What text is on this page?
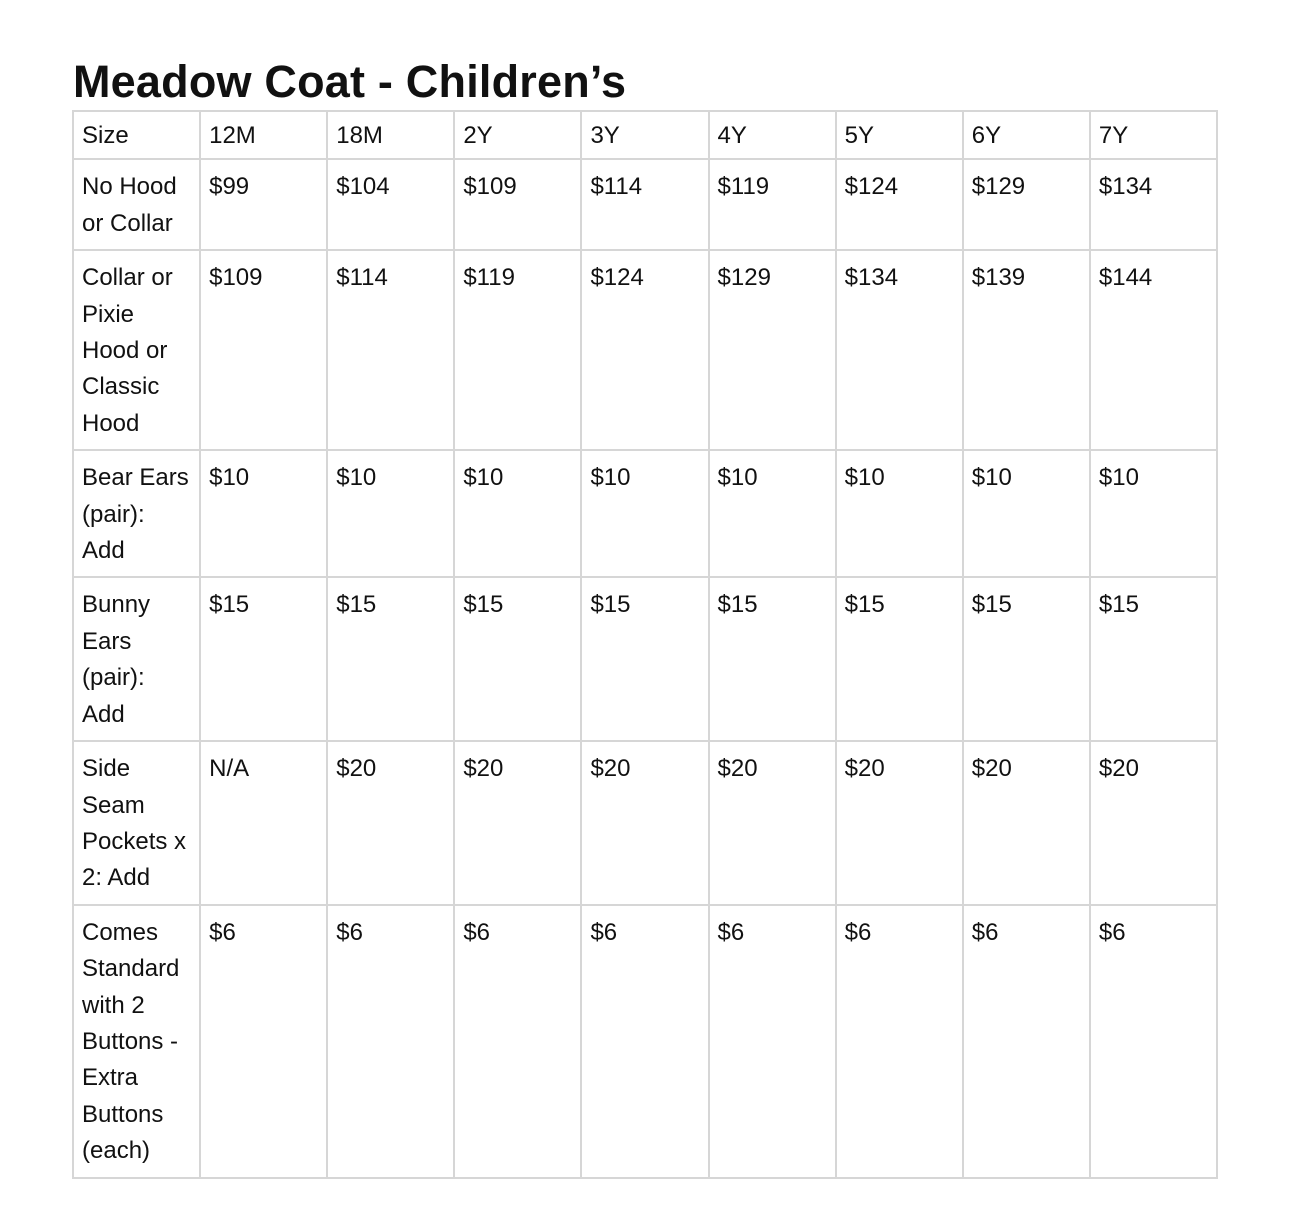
Meadow Coat - Children’s
Size	12M	18M	2Y	3Y	4Y	5Y	6Y	7Y
No Hood or Collar	$99	$104	$109	$114	$119	$124	$129	$134
Collar or Pixie Hood or Classic Hood	$109	$114	$119	$124	$129	$134	$139	$144
Bear Ears (pair): Add	$10	$10	$10	$10	$10	$10	$10	$10
Bunny Ears (pair): Add	$15	$15	$15	$15	$15	$15	$15	$15
Side Seam Pockets x 2: Add	N/A	$20	$20	$20	$20	$20	$20	$20
Comes Standard with 2 Buttons - Extra Buttons (each)	$6	$6	$6	$6	$6	$6	$6	$6
